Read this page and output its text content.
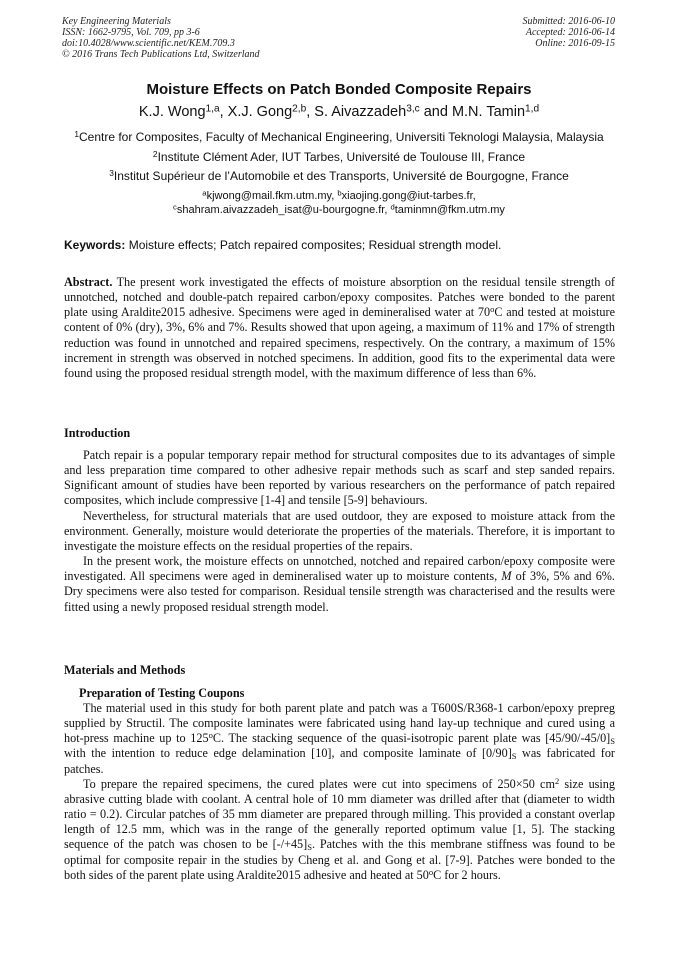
Key Engineering Materials
ISSN: 1662-9795, Vol. 709, pp 3-6
doi:10.4028/www.scientific.net/KEM.709.3
© 2016 Trans Tech Publications Ltd, Switzerland
Submitted: 2016-06-10
Accepted: 2016-06-14
Online: 2016-09-15
Moisture Effects on Patch Bonded Composite Repairs
K.J. Wong$^{1,a}$, X.J. Gong$^{2,b}$, S. Aivazzadeh$^{3,c}$ and M.N. Tamin$^{1,d}$
$^1$Centre for Composites, Faculty of Mechanical Engineering, Universiti Teknologi Malaysia, Malaysia
$^2$Institute Clément Ader, IUT Tarbes, Université de Toulouse III, France
$^3$Institut Supérieur de l’Automobile et des Transports, Université de Bourgogne, France
$^a$kjwong@mail.fkm.utm.my, $^b$xiaojing.gong@iut-tarbes.fr,
$^c$shahram.aivazzadeh_isat@u-bourgogne.fr, $^d$taminmn@fkm.utm.my
Keywords: Moisture effects; Patch repaired composites; Residual strength model.

Abstract. The present work investigated the effects of moisture absorption on the residual tensile strength of unnotched, notched and double-patch repaired carbon/epoxy composites. Patches were bonded to the parent plate using Araldite2015 adhesive. Specimens were aged in demineralised water at 70$^o$C and tested at moisture content of 0% (dry), 3%, 6% and 7%. Results showed that upon ageing, a maximum of 11% and 17% of strength reduction was found in unnotched and repaired specimens, respectively. On the contrary, a maximum of 15% increment in strength was observed in notched specimens. In addition, good fits to the experimental data were found using the proposed residual strength model, with the maximum difference of less than 6%.

Introduction

Patch repair is a popular temporary repair method for structural composites due to its advantages of simple and less preparation time compared to other adhesive repair methods such as scarf and step sanded repairs. Significant amount of studies have been reported by various researchers on the performance of patch repaired composites, which include compressive [1-4] and tensile [5-9] behaviours.

Nevertheless, for structural materials that are used outdoor, they are exposed to moisture attack from the environment. Generally, moisture would deteriorate the properties of the materials. Therefore, it is important to investigate the moisture effects on the residual properties of the repairs.

In the present work, the moisture effects on unnotched, notched and repaired carbon/epoxy composite were investigated. All specimens were aged in demineralised water up to moisture contents, M of 3%, 5% and 6%. Dry specimens were also tested for comparison. Residual tensile strength was characterised and the results were fitted using a newly proposed residual strength model.

Materials and Methods
Preparation of Testing Coupons

The material used in this study for both parent plate and patch was a T600S/R368-1 carbon/epoxy prepreg supplied by Structil. The composite laminates were fabricated using hand lay-up technique and cured using a hot-press machine up to 125$^o$C. The stacking sequence of the quasi-isotropic parent plate was $[45/90/-45/0]_S$ with the intention to reduce edge delamination [10], and composite laminate of $[0/90]_S$ was fabricated for patches.

To prepare the repaired specimens, the cured plates were cut into specimens of 250×50 $cm^2$ size using abrasive cutting blade with coolant. A central hole of 10 mm diameter was drilled after that (diameter to width ratio = 0.2). Circular patches of 35 mm diameter are prepared through milling. This provided a constant overlap length of 12.5 mm, which was in the range of the generally reported optimum value [1, 5]. The stacking sequence of the patch was chosen to be $[-/+45]_S$. Patches with the this membrane stiffness was found to be optimal for composite repair in the studies by Cheng et al. and Gong et al. [7-9]. Patches were bonded to the both sides of the parent plate using Araldite2015 adhesive and heated at 50$^o$C for 2 hours.
